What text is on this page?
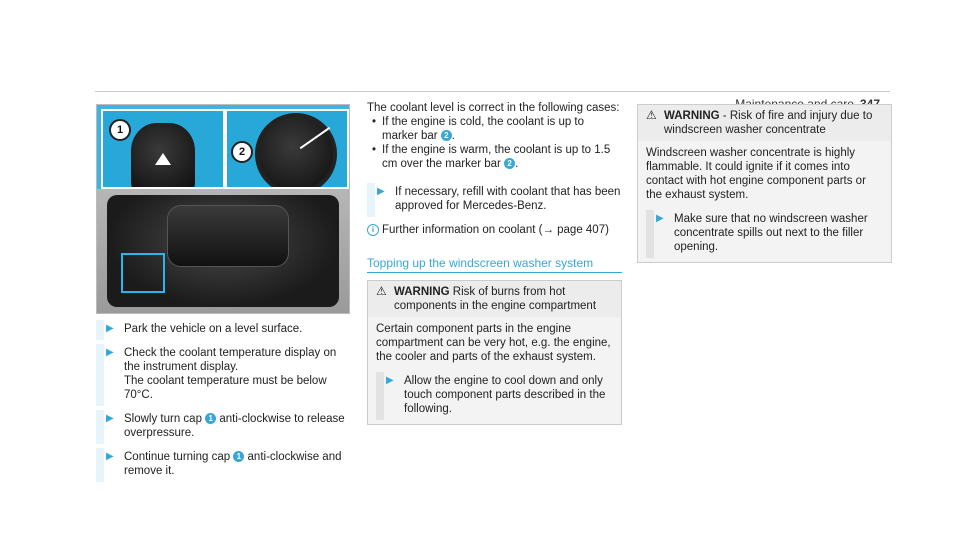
1
2
▶ Park the vehicle on a level surface.
▶ Check the coolant temperature display on the instrument display.
The coolant temperature must be below 70°C.
▶ Slowly turn cap 1 anti-clockwise to release overpressure.
▶ Continue turning cap 1 anti-clockwise and remove it.
The coolant level is correct in the following cases:
• If the engine is cold, the coolant is up to marker bar 2 .
• If the engine is warm, the coolant is up to 1.5 cm over the marker bar 2 .
▶ If necessary, refill with coolant that has been approved for Mercedes-Benz.
i Further information on coolant (→ page 407)
Topping up the windscreen washer system
⚠ WARNING Risk of burns from hot components in the engine compartment
Certain component parts in the engine compartment can be very hot, e.g. the engine, the cooler and parts of the exhaust system.
▶ Allow the engine to cool down and only touch component parts described in the following.
⚠ WARNING - Risk of fire and injury due to windscreen washer concentrate
Windscreen washer concentrate is highly flammable. It could ignite if it comes into contact with hot engine component parts or the exhaust system.
▶ Make sure that no windscreen washer concentrate spills out next to the filler opening.
